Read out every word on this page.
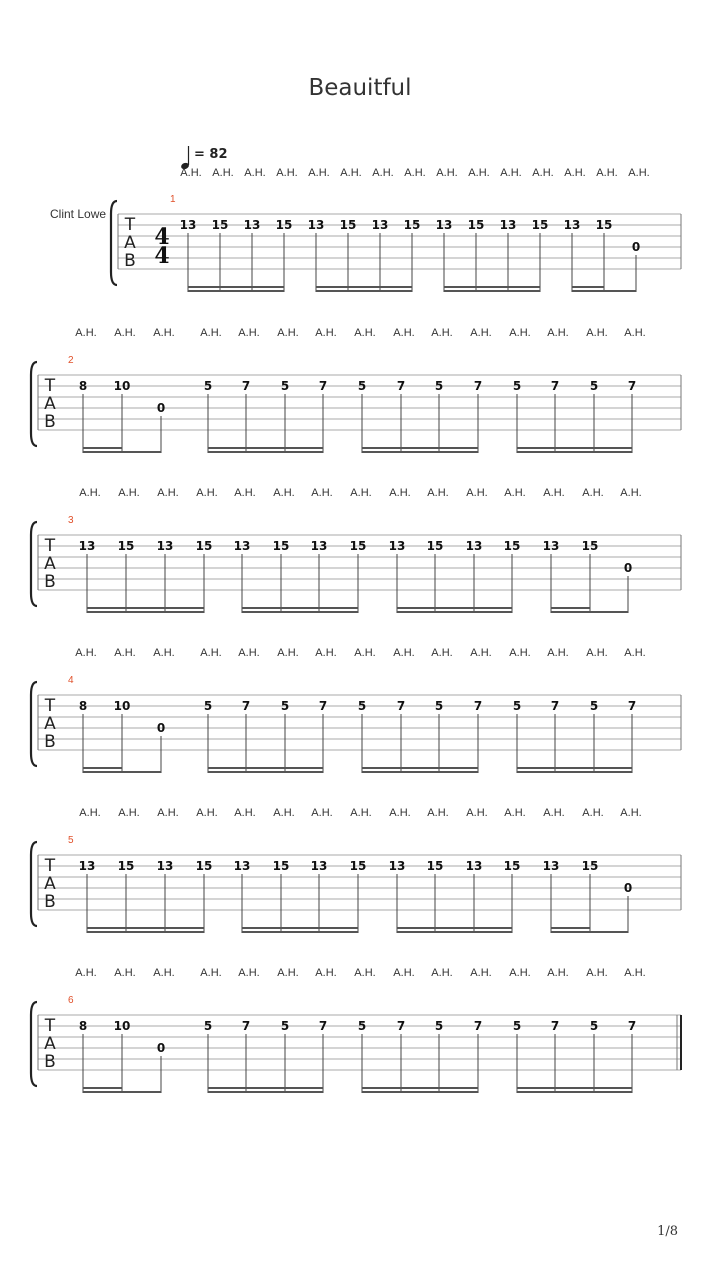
Beauitful
Clint Lowe
= 82
T
A
B
4
4
1
A.H. A.H. A.H. A.H. A.H. A.H. A.H. A.H. A.H. A.H. A.H. A.H. A.H. A.H. A.H.
13 15 13 15 13 15 13 15 13 15 13 15 13 15
0
T
A
B
2
A.H. A.H. A.H. A.H. A.H. A.H. A.H. A.H. A.H. A.H. A.H. A.H. A.H. A.H. A.H.
8 10
0
5 7	5 7	5	7 5	7	5 7	5 7
T
A
B
3
A.H. A.H. A.H. A.H. A.H. A.H. A.H. A.H. A.H. A.H. A.H. A.H. A.H. A.H. A.H.
13 15 13 15 13 15 13 15 13 15 13 15 13 15
0
T
A
B
4
A.H. A.H. A.H. A.H. A.H. A.H. A.H. A.H. A.H. A.H. A.H. A.H. A.H. A.H. A.H.
8 10
0
5 7	5 7	5	7 5	7	5 7	5 7
T
A
B
5
A.H. A.H. A.H. A.H. A.H. A.H. A.H. A.H. A.H. A.H. A.H. A.H. A.H. A.H. A.H.
13 15 13 15 13 15 13 15 13 15 13 15 13 15
0
T
A
B
6
A.H. A.H. A.H. A.H. A.H. A.H. A.H. A.H. A.H. A.H. A.H. A.H. A.H. A.H. A.H.
8 10
0
5 7	5 7	5	7 5	7	5 7	5 7
1/8
